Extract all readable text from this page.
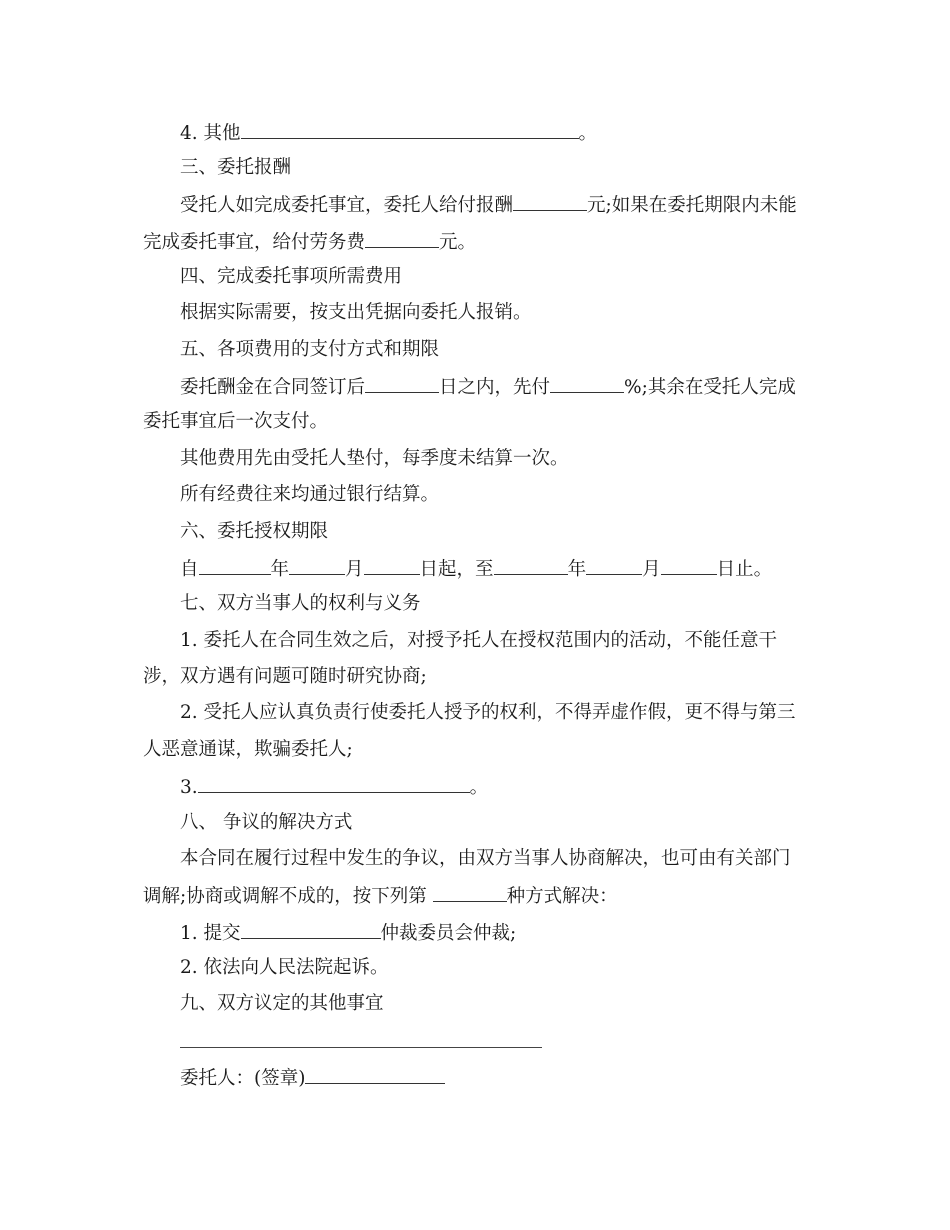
4. 其他	。
三、委托报酬
受托人如完成委托事宜，委托人给付报酬	元;如果在委托期限内未能
完成委托事宜，给付劳务费	元。
四、完成委托事项所需费用
根据实际需要，按支出凭据向委托人报销。
五、各项费用的支付方式和期限
委托酬金在合同签订后	日之内，先付	%;其余在受托人完成
委托事宜后一次支付。
其他费用先由受托人垫付，每季度未结算一次。
所有经费往来均通过银行结算。
六、委托授权期限
自	年	月	日起，至	年	月	日止。
七、双方当事人的权利与义务
1. 委托人在合同生效之后，对授予托人在授权范围内的活动，不能任意干
涉，双方遇有问题可随时研究协商;
2. 受托人应认真负责行使委托人授予的权利，不得弄虚作假，更不得与第三
人恶意通谋，欺骗委托人;
3.	。
八、 争议的解决方式
本合同在履行过程中发生的争议，由双方当事人协商解决，也可由有关部门
调解;协商或调解不成的，按下列第	种方式解决：
1. 提交	仲裁委员会仲裁;
2. 依法向人民法院起诉。
九、双方议定的其他事宜
委托人：(签章)
